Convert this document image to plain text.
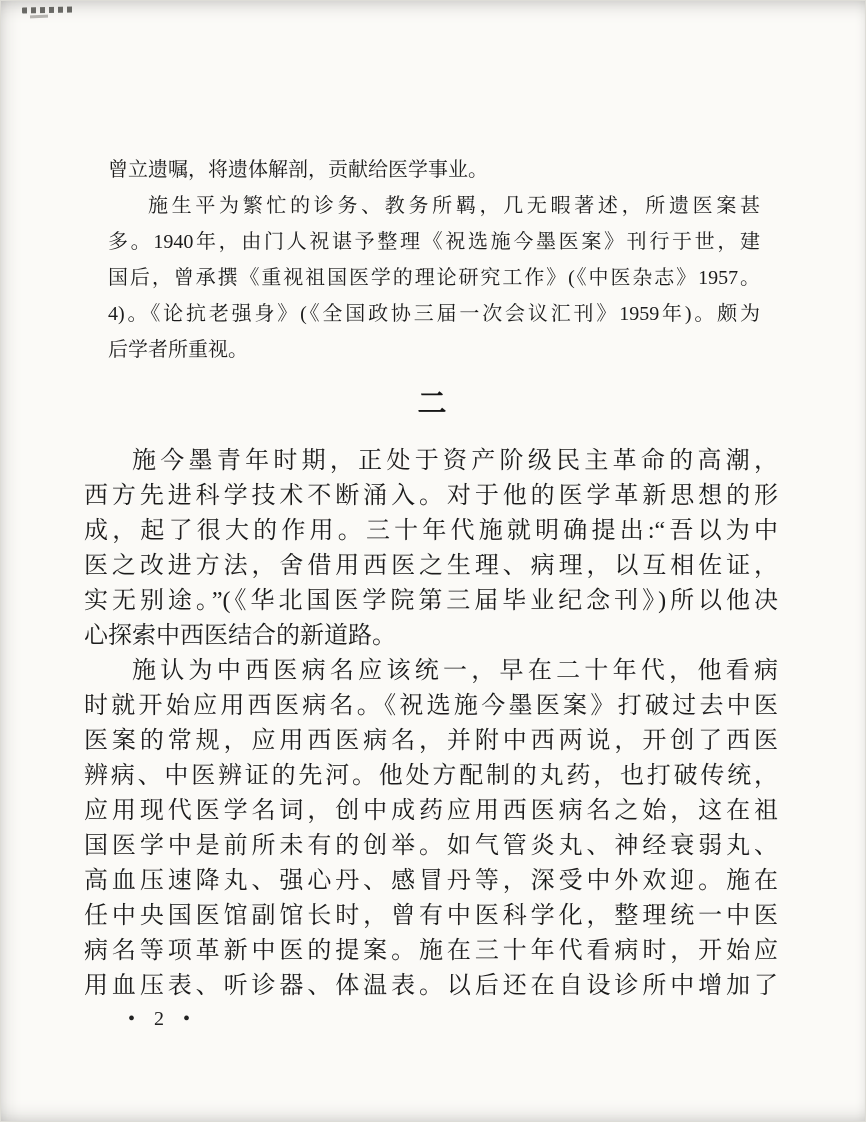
曾立遗嘱，将遗体解剖，贡献给医学事业。
施生平为繁忙的诊务、教务所羁，几无暇著述，所遗医案甚
多。1940年，由门人祝谌予整理《祝选施今墨医案》刊行于世，建
国后，曾承撰《重视祖国医学的理论研究工作》(《中医杂志》1957。
4)。《论抗老强身》(《全国政协三届一次会议汇刊》1959年)。颇为
后学者所重视。
二
施今墨青年时期，正处于资产阶级民主革命的高潮，
西方先进科学技术不断涌入。对于他的医学革新思想的形
成，起了很大的作用。三十年代施就明确提出:“吾以为中
医之改进方法，舍借用西医之生理、病理，以互相佐证，
实无别途。”(《华北国医学院第三届毕业纪念刊》)所以他决
心探索中西医结合的新道路。
施认为中西医病名应该统一，早在二十年代，他看病
时就开始应用西医病名。《祝选施今墨医案》打破过去中医
医案的常规，应用西医病名，并附中西两说，开创了西医
辨病、中医辨证的先河。他处方配制的丸药，也打破传统，
应用现代医学名词，创中成药应用西医病名之始，这在祖
国医学中是前所未有的创举。如气管炎丸、神经衰弱丸、
高血压速降丸、强心丹、感冒丹等，深受中外欢迎。施在
任中央国医馆副馆长时，曾有中医科学化，整理统一中医
病名等项革新中医的提案。施在三十年代看病时，开始应
用血压表、听诊器、体温表。以后还在自设诊所中增加了
• 2 •
